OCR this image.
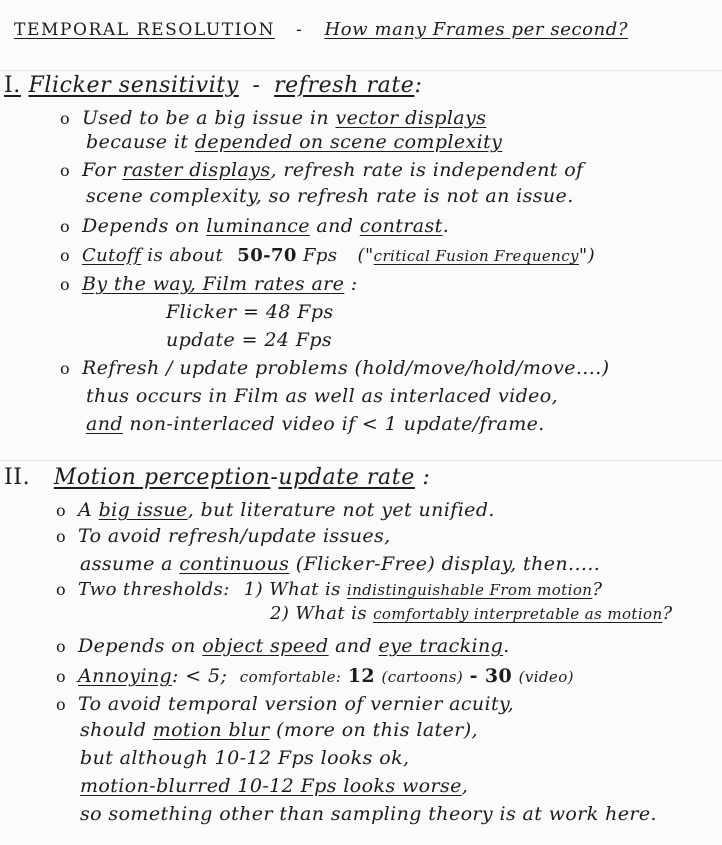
TEMPORAL RESOLUTION - How many Frames per second?
I. Flicker sensitivity - refresh rate:
o Used to be a big issue in vector displays
because it depended on scene complexity
o For raster displays, refresh rate is independent of
scene complexity, so refresh rate is not an issue.
o Depends on luminance and contrast.
o Cutoff is about 50-70 Fps ("critical Fusion Frequency")
o By the way, Film rates are :
Flicker = 48 Fps
update = 24 Fps
o Refresh / update problems (hold/move/hold/move....)
thus occurs in Film as well as interlaced video,
and non-interlaced video if < 1 update/frame.
II. Motion perception-update rate :
o A big issue, but literature not yet unified.
o To avoid refresh/update issues,
assume a continuous (Flicker-Free) display, then.....
o Two thresholds: 1) What is indistinguishable From motion?
2) What is comfortably interpretable as motion?
o Depends on object speed and eye tracking.
o Annoying: < 5; comfortable: 12 (cartoons) - 30 (video)
o To avoid temporal version of vernier acuity,
should motion blur (more on this later),
but although 10-12 Fps looks ok,
motion-blurred 10-12 Fps looks worse,
so something other than sampling theory is at work here.
